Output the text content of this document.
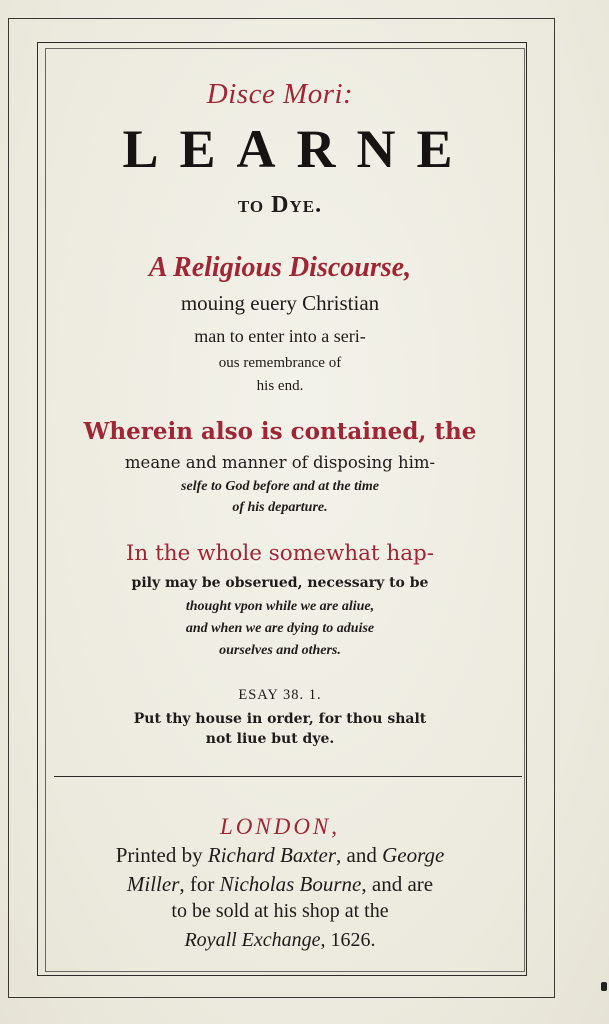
Disce Mori:
LEARNE
to Dye.
A Religious Discourse,
mouing euery Christian
man to enter into a seri-
ous remembrance of
his end.
Wherein also is contained, the
meane and manner of disposing him-
selfe to God before and at the time
of his departure.
In the whole somewhat hap-
pily may be obserued, necessary to be
thought vpon while we are aliue,
and when we are dying to aduise
ourselves and others.
ESAY 38. 1.
Put thy house in order, for thou shalt
not liue but dye.
LONDON,
Printed by Richard Baxter, and George
Miller, for Nicholas Bourne, and are
to be sold at his shop at the
Royall Exchange, 1626.
